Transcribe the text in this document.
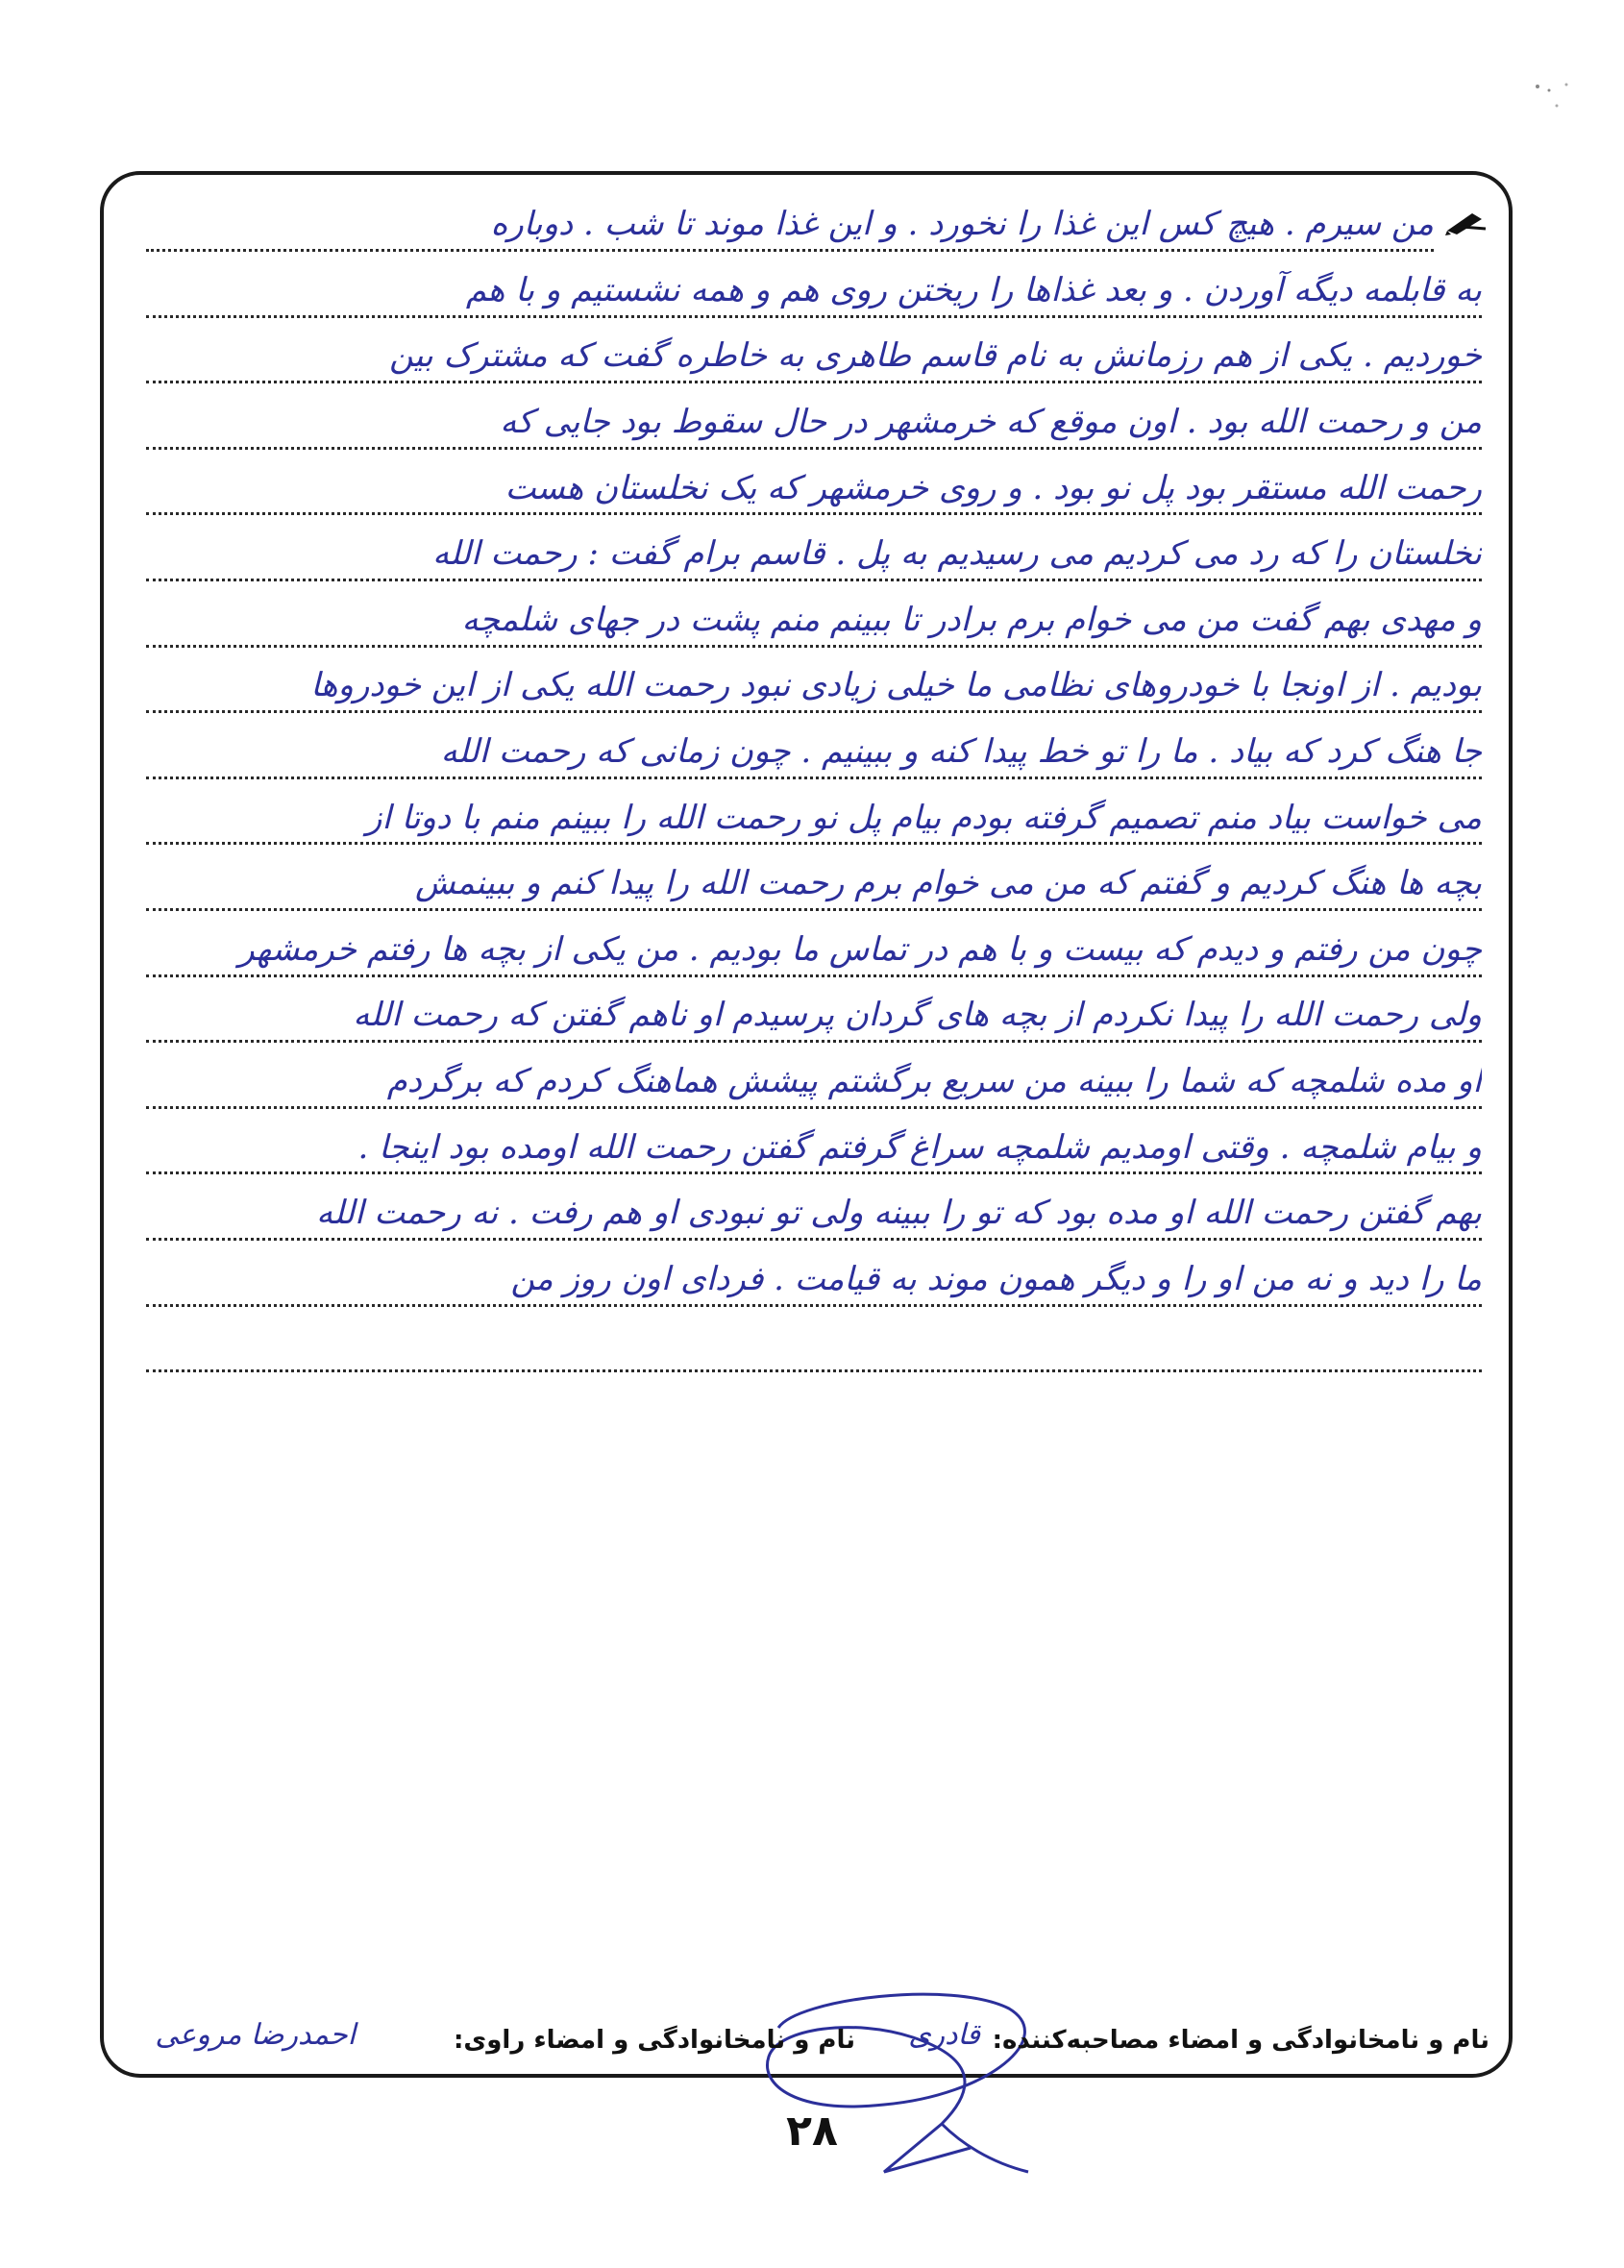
من سیرم . هیچ کس این غذا را نخورد . و این غذا موند تا شب . دوباره
به قابلمه دیگه آوردن . و بعد غذاها را ریختن روی هم و همه نشستیم و با هم
خوردیم . یکی از هم رزمانش به نام قاسم طاهری به خاطره گفت که مشترک بین
من و رحمت الله بود . اون موقع که خرمشهر در حال سقوط بود جایی که
رحمت الله مستقر بود پل نو بود . و روی خرمشهر که یک نخلستان هست
نخلستان را که رد می کردیم می رسیدیم به پل . قاسم برام گفت : رحمت الله
و مهدی بهم گفت من می خوام برم برادر تا ببینم منم پشت در جهای شلمچه
بودیم . از اونجا با خودروهای نظامی ما خیلی زیادی نبود رحمت الله یکی از این خودروها
جا هنگ کرد که بیاد . ما را تو خط پیدا کنه و ببینیم . چون زمانی که رحمت الله
می خواست بیاد منم تصمیم گرفته بودم بیام پل نو رحمت الله را ببینم منم با دوتا از
بچه ها هنگ کردیم و گفتم که من می خوام برم رحمت الله را پیدا کنم و ببینمش
چون من رفتم و دیدم که بیست و با هم در تماس ما بودیم . من یکی از بچه ها رفتم خرمشهر
ولی رحمت الله را پیدا نکردم از بچه های گردان پرسیدم او ناهم گفتن که رحمت الله
او مده شلمچه که شما را ببینه من سریع برگشتم پیشش هماهنگ کردم که برگردم
و بیام شلمچه . وقتی اومدیم شلمچه سراغ گرفتم گفتن رحمت الله اومده بود اینجا .
بهم گفتن رحمت الله او مده بود که تو را ببینه ولی تو نبودی او هم رفت . نه رحمت الله
ما را دید و نه من او را و دیگر همون موند به قیامت . فردای اون روز من
نام و نامخانوادگی و امضاء مصاحبه‌کننده:
قادری
نام و نامخانوادگی و امضاء راوی:
احمدرضا مروعی
۲۸
